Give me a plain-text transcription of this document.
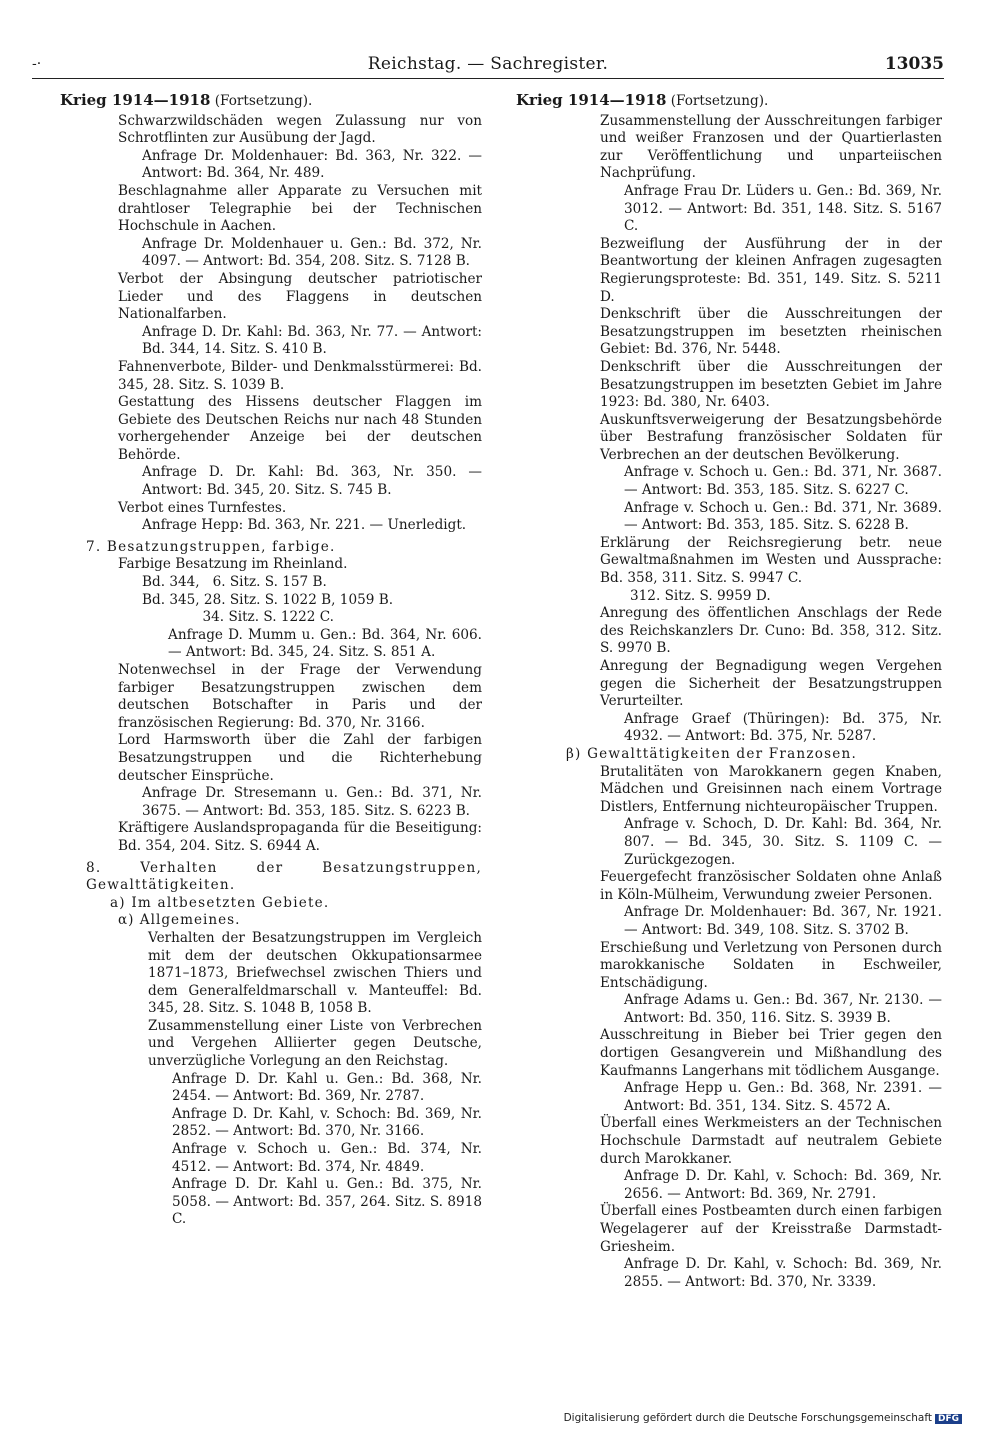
-·	Reichstag. — Sachregister.	13035
Krieg 1914—1918 (Fortsetzung).
Schwarzwildschäden wegen Zulassung nur von Schrotflinten zur Ausübung der Jagd.
Anfrage Dr. Moldenhauer: Bd. 363, Nr. 322. — Antwort: Bd. 364, Nr. 489.
Beschlagnahme aller Apparate zu Versuchen mit drahtloser Telegraphie bei der Technischen Hochschule in Aachen.
Anfrage Dr. Moldenhauer u. Gen.: Bd. 372, Nr. 4097. — Antwort: Bd. 354, 208. Sitz. S. 7128 B.
Verbot der Absingung deutscher patriotischer Lieder und des Flaggens in deutschen Nationalfarben.
Anfrage D. Dr. Kahl: Bd. 363, Nr. 77. — Antwort: Bd. 344, 14. Sitz. S. 410 B.
Fahnenverbote, Bilder- und Denkmalsstürmerei: Bd. 345, 28. Sitz. S. 1039 B.
Gestattung des Hissens deutscher Flaggen im Gebiete des Deutschen Reichs nur nach 48 Stunden vorhergehender Anzeige bei der deutschen Behörde.
Anfrage D. Dr. Kahl: Bd. 363, Nr. 350. — Antwort: Bd. 345, 20. Sitz. S. 745 B.
Verbot eines Turnfestes.
Anfrage Hepp: Bd. 363, Nr. 221. — Unerledigt.
7. Besatzungstruppen, farbige.
Farbige Besatzung im Rheinland.
Bd. 344,   6. Sitz. S. 157 B.
Bd. 345, 28. Sitz. S. 1022 B, 1059 B.
34. Sitz. S. 1222 C.
Anfrage D. Mumm u. Gen.: Bd. 364, Nr. 606. — Antwort: Bd. 345, 24. Sitz. S. 851 A.
Notenwechsel in der Frage der Verwendung farbiger Besatzungstruppen zwischen dem deutschen Botschafter in Paris und der französischen Regierung: Bd. 370, Nr. 3166.
Lord Harmsworth über die Zahl der farbigen Besatzungstruppen und die Richterhebung deutscher Einsprüche.
Anfrage Dr. Stresemann u. Gen.: Bd. 371, Nr. 3675. — Antwort: Bd. 353, 185. Sitz. S. 6223 B.
Kräftigere Auslandspropaganda für die Beseitigung: Bd. 354, 204. Sitz. S. 6944 A.
8. Verhalten der Besatzungstruppen, Gewalttätigkeiten.
a) Im altbesetzten Gebiete.
α) Allgemeines.
Verhalten der Besatzungstruppen im Vergleich mit dem der deutschen Okkupationsarmee 1871–1873, Briefwechsel zwischen Thiers und dem Generalfeldmarschall v. Manteuffel: Bd. 345, 28. Sitz. S. 1048 B, 1058 B.
Zusammenstellung einer Liste von Verbrechen und Vergehen Alliierter gegen Deutsche, unverzügliche Vorlegung an den Reichstag.
Anfrage D. Dr. Kahl u. Gen.: Bd. 368, Nr. 2454. — Antwort: Bd. 369, Nr. 2787.
Anfrage D. Dr. Kahl, v. Schoch: Bd. 369, Nr. 2852. — Antwort: Bd. 370, Nr. 3166.
Anfrage v. Schoch u. Gen.: Bd. 374, Nr. 4512. — Antwort: Bd. 374, Nr. 4849.
Anfrage D. Dr. Kahl u. Gen.: Bd. 375, Nr. 5058. — Antwort: Bd. 357, 264. Sitz. S. 8918 C.
Krieg 1914—1918 (Fortsetzung).
Zusammenstellung der Ausschreitungen farbiger und weißer Franzosen und der Quartierlasten zur Veröffentlichung und unparteiischen Nachprüfung.
Anfrage Frau Dr. Lüders u. Gen.: Bd. 369, Nr. 3012. — Antwort: Bd. 351, 148. Sitz. S. 5167 C.
Bezweiflung der Ausführung der in der Beantwortung der kleinen Anfragen zugesagten Regierungsproteste: Bd. 351, 149. Sitz. S. 5211 D.
Denkschrift über die Ausschreitungen der Besatzungstruppen im besetzten rheinischen Gebiet: Bd. 376, Nr. 5448.
Denkschrift über die Ausschreitungen der Besatzungstruppen im besetzten Gebiet im Jahre 1923: Bd. 380, Nr. 6403.
Auskunftsverweigerung der Besatzungsbehörde über Bestrafung französischer Soldaten für Verbrechen an der deutschen Bevölkerung.
Anfrage v. Schoch u. Gen.: Bd. 371, Nr. 3687. — Antwort: Bd. 353, 185. Sitz. S. 6227 C.
Anfrage v. Schoch u. Gen.: Bd. 371, Nr. 3689. — Antwort: Bd. 353, 185. Sitz. S. 6228 B.
Erklärung der Reichsregierung betr. neue Gewaltmaßnahmen im Westen und Aussprache: Bd. 358, 311. Sitz. S. 9947 C.
312. Sitz. S. 9959 D.
Anregung des öffentlichen Anschlags der Rede des Reichskanzlers Dr. Cuno: Bd. 358, 312. Sitz. S. 9970 B.
Anregung der Begnadigung wegen Vergehen gegen die Sicherheit der Besatzungstruppen Verurteilter.
Anfrage Graef (Thüringen): Bd. 375, Nr. 4932. — Antwort: Bd. 375, Nr. 5287.
β) Gewalttätigkeiten der Franzosen.
Brutalitäten von Marokkanern gegen Knaben, Mädchen und Greisinnen nach einem Vortrage Distlers, Entfernung nichteuropäischer Truppen.
Anfrage v. Schoch, D. Dr. Kahl: Bd. 364, Nr. 807. — Bd. 345, 30. Sitz. S. 1109 C. — Zurückgezogen.
Feuergefecht französischer Soldaten ohne Anlaß in Köln-Mülheim, Verwundung zweier Personen.
Anfrage Dr. Moldenhauer: Bd. 367, Nr. 1921. — Antwort: Bd. 349, 108. Sitz. S. 3702 B.
Erschießung und Verletzung von Personen durch marokkanische Soldaten in Eschweiler, Entschädigung.
Anfrage Adams u. Gen.: Bd. 367, Nr. 2130. — Antwort: Bd. 350, 116. Sitz. S. 3939 B.
Ausschreitung in Bieber bei Trier gegen den dortigen Gesangverein und Mißhandlung des Kaufmanns Langerhans mit tödlichem Ausgange.
Anfrage Hepp u. Gen.: Bd. 368, Nr. 2391. — Antwort: Bd. 351, 134. Sitz. S. 4572 A.
Überfall eines Werkmeisters an der Technischen Hochschule Darmstadt auf neutralem Gebiete durch Marokkaner.
Anfrage D. Dr. Kahl, v. Schoch: Bd. 369, Nr. 2656. — Antwort: Bd. 369, Nr. 2791.
Überfall eines Postbeamten durch einen farbigen Wegelagerer auf der Kreisstraße Darmstadt-Griesheim.
Anfrage D. Dr. Kahl, v. Schoch: Bd. 369, Nr. 2855. — Antwort: Bd. 370, Nr. 3339.
Digitalisierung gefördert durch die Deutsche Forschungsgemeinschaft DFG
